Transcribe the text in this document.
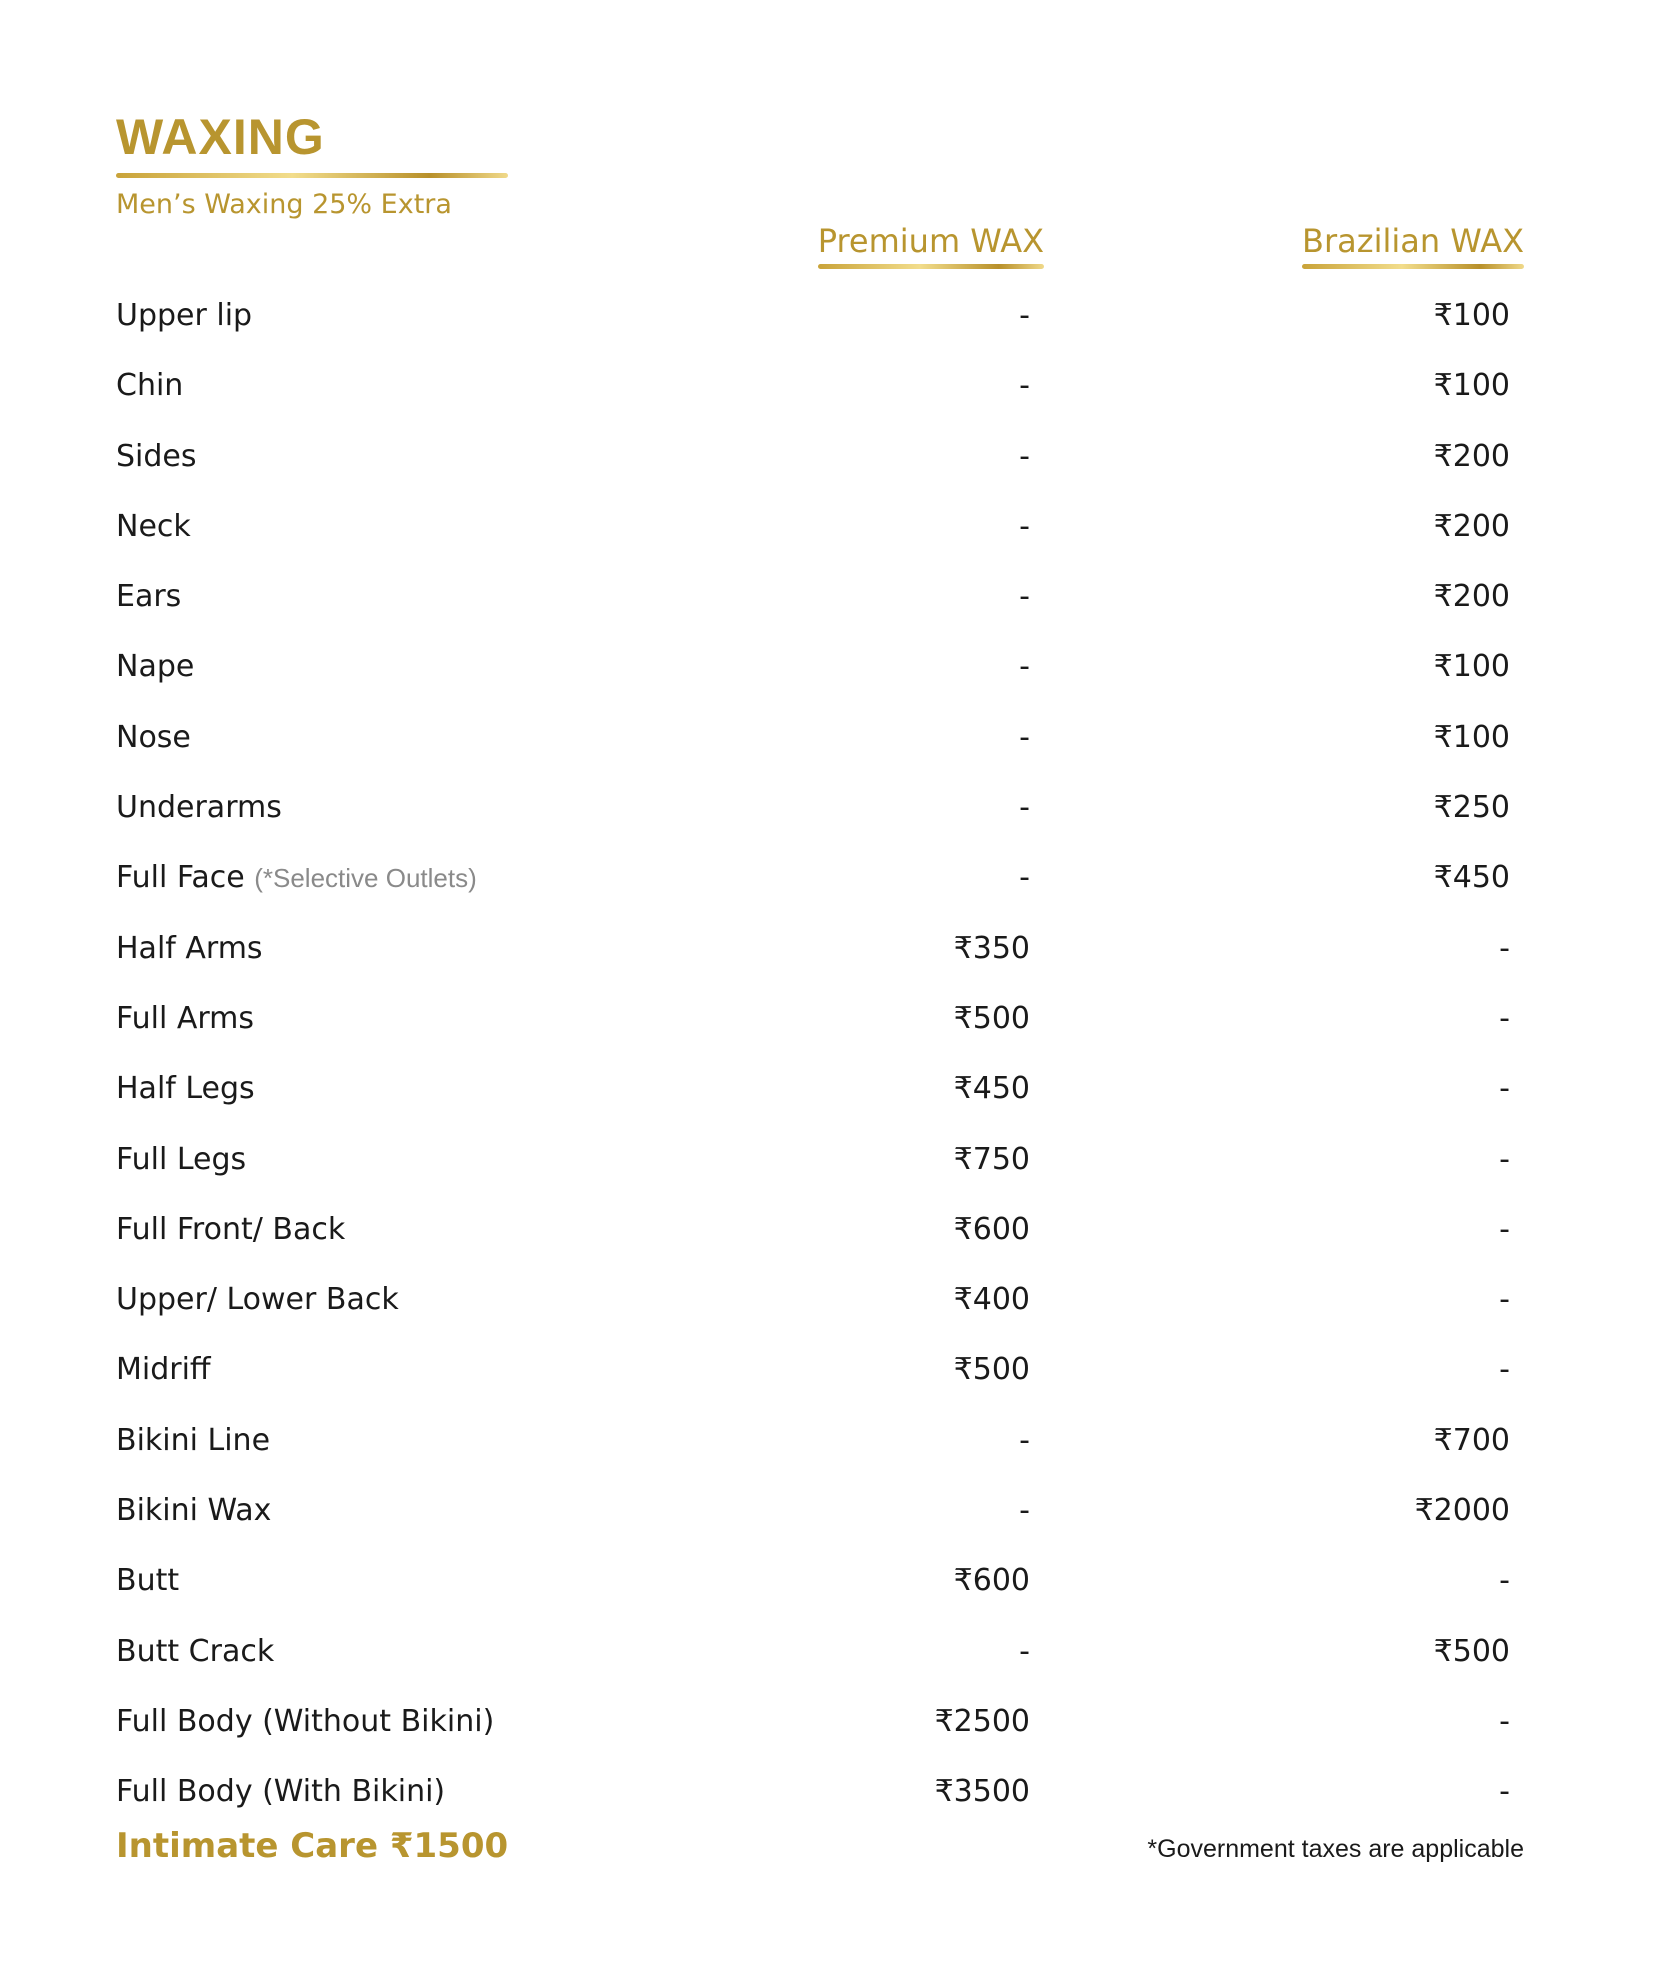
WAXING
Men’s Waxing 25% Extra
Premium WAX	Brazilian WAX
Upper lip	-	₹100
Chin	-	₹100
Sides	-	₹200
Neck	-	₹200
Ears	-	₹200
Nape	-	₹100
Nose	-	₹100
Underarms	-	₹250
Full Face (*Selective Outlets)	-	₹450
Half Arms	₹350	-
Full Arms	₹500	-
Half Legs	₹450	-
Full Legs	₹750	-
Full Front/ Back	₹600	-
Upper/ Lower Back	₹400	-
Midriff	₹500	-
Bikini Line	-	₹700
Bikini Wax	-	₹2000
Butt	₹600	-
Butt Crack	-	₹500
Full Body (Without Bikini)	₹2500	-
Full Body (With Bikini)	₹3500	-
Intimate Care ₹1500	*Government taxes are applicable
